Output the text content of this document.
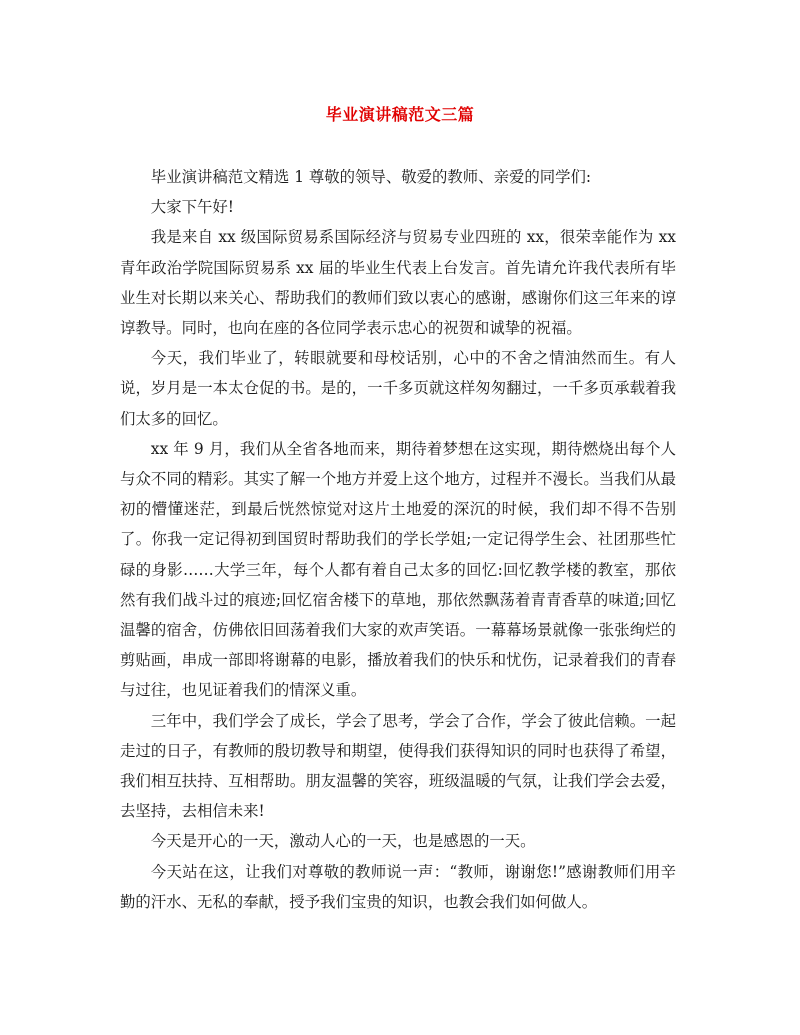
毕业演讲稿范文三篇

毕业演讲稿范文精选 1 尊敬的领导、敬爱的教师、亲爱的同学们:

大家下午好!

我是来自 xx 级国际贸易系国际经济与贸易专业四班的 xx，很荣幸能作为 xx 青年政治学院国际贸易系 xx 届的毕业生代表上台发言。首先请允许我代表所有毕业生对长期以来关心、帮助我们的教师们致以衷心的感谢，感谢你们这三年来的谆谆教导。同时，也向在座的各位同学表示忠心的祝贺和诚挚的祝福。

今天，我们毕业了，转眼就要和母校话别，心中的不舍之情油然而生。有人说，岁月是一本太仓促的书。是的，一千多页就这样匆匆翻过，一千多页承载着我们太多的回忆。

xx 年 9 月，我们从全省各地而来，期待着梦想在这实现，期待燃烧出每个人与众不同的精彩。其实了解一个地方并爱上这个地方，过程并不漫长。当我们从最初的懵懂迷茫，到最后恍然惊觉对这片土地爱的深沉的时候，我们却不得不告别了。你我一定记得初到国贸时帮助我们的学长学姐;一定记得学生会、社团那些忙碌的身影……大学三年，每个人都有着自己太多的回忆:回忆教学楼的教室，那依然有我们战斗过的痕迹;回忆宿舍楼下的草地，那依然飘荡着青青香草的味道;回忆温馨的宿舍，仿佛依旧回荡着我们大家的欢声笑语。一幕幕场景就像一张张绚烂的剪贴画，串成一部即将谢幕的电影，播放着我们的快乐和忧伤，记录着我们的青春与过往，也见证着我们的情深义重。

三年中，我们学会了成长，学会了思考，学会了合作，学会了彼此信赖。一起走过的日子，有教师的殷切教导和期望，使得我们获得知识的同时也获得了希望，我们相互扶持、互相帮助。朋友温馨的笑容，班级温暖的气氛，让我们学会去爱，去坚持，去相信未来!

今天是开心的一天，激动人心的一天，也是感恩的一天。

今天站在这，让我们对尊敬的教师说一声：“教师，谢谢您!”感谢教师们用辛勤的汗水、无私的奉献，授予我们宝贵的知识，也教会我们如何做人。
